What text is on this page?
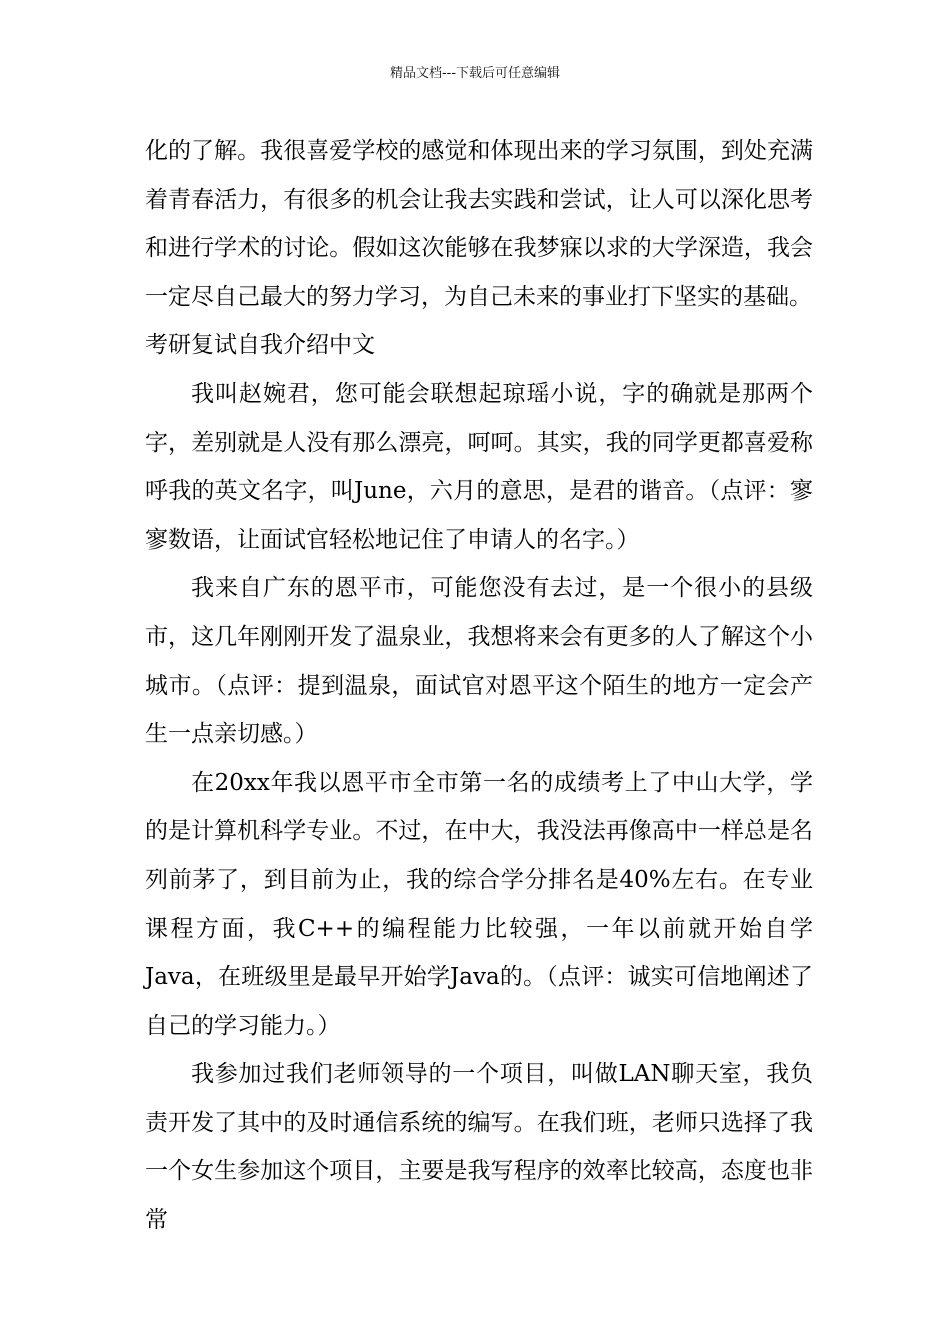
精品文档---下载后可任意编辑

化的了解。我很喜爱学校的感觉和体现出来的学习氛围，到处充满着青春活力，有很多的机会让我去实践和尝试，让人可以深化思考和进行学术的讨论。假如这次能够在我梦寐以求的大学深造，我会一定尽自己最大的努力学习，为自己未来的事业打下坚实的基础。

考研复试自我介绍中文

我叫赵婉君，您可能会联想起琼瑶小说，字的确就是那两个字，差别就是人没有那么漂亮，呵呵。其实，我的同学更都喜爱称呼我的英文名字，叫June，六月的意思，是君的谐音。（点评：寥寥数语，让面试官轻松地记住了申请人的名字。）

我来自广东的恩平市，可能您没有去过，是一个很小的县级市，这几年刚刚开发了温泉业，我想将来会有更多的人了解这个小城市。（点评：提到温泉，面试官对恩平这个陌生的地方一定会产生一点亲切感。）

在20xx年我以恩平市全市第一名的成绩考上了中山大学，学的是计算机科学专业。不过，在中大，我没法再像高中一样总是名列前茅了，到目前为止，我的综合学分排名是40%左右。在专业课程方面，我C++的编程能力比较强，一年以前就开始自学Java，在班级里是最早开始学Java的。（点评：诚实可信地阐述了自己的学习能力。）

我参加过我们老师领导的一个项目，叫做LAN聊天室，我负责开发了其中的及时通信系统的编写。在我们班，老师只选择了我一个女生参加这个项目，主要是我写程序的效率比较高，态度也非常
